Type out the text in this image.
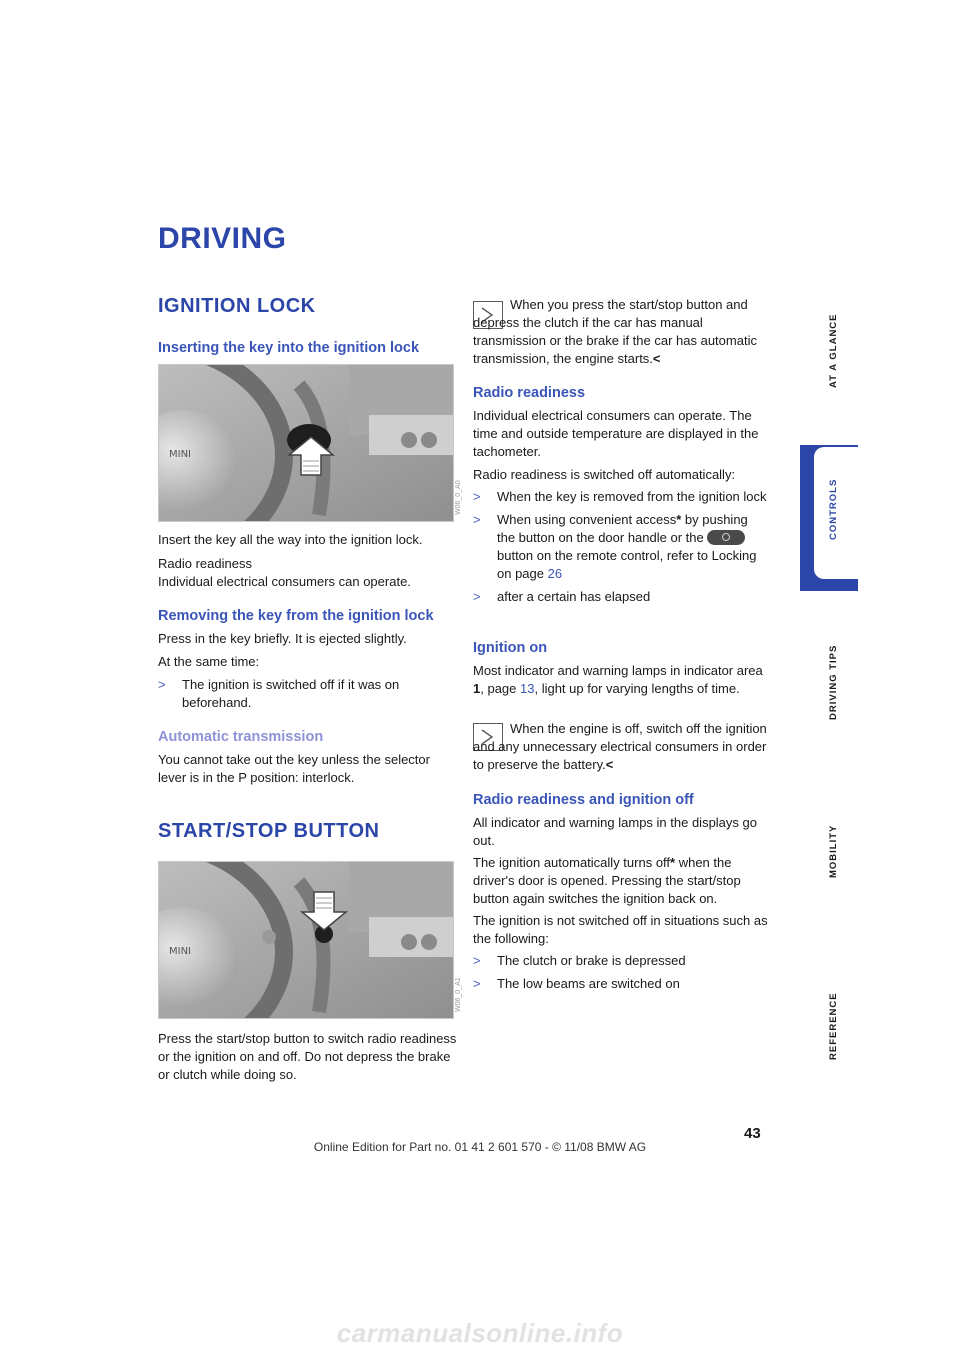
DRIVING
IGNITION LOCK
Inserting the key into the ignition lock
MINI
W06_0_A0
Insert the key all the way into the ignition lock.
Radio readiness
Individual electrical consumers can operate.
Removing the key from the ignition lock
Press in the key briefly. It is ejected slightly.
At the same time:
> The ignition is switched off if it was on beforehand.
Automatic transmission
You cannot take out the key unless the selector lever is in the P position: interlock.
START/STOP BUTTON
MINI
W06_0_A1
Press the start/stop button to switch radio readiness or the ignition on and off. Do not depress the brake or clutch while doing so.
When you press the start/stop button and depress the clutch if the car has manual transmission or the brake if the car has automatic transmission, the engine starts.<
Radio readiness
Individual electrical consumers can operate. The time and outside temperature are displayed in the tachometer.
Radio readiness is switched off automatically:
> When the key is removed from the ignition lock
> When using convenient access* by pushing the button on the door handle or the  button on the remote control, refer to Locking on page 26
> after a certain has elapsed
Ignition on
Most indicator and warning lamps in indicator area 1, page 13, light up for varying lengths of time.
When the engine is off, switch off the ignition and any unnecessary electrical consumers in order to preserve the battery.<
Radio readiness and ignition off
All indicator and warning lamps in the displays go out.
The ignition automatically turns off* when the driver's door is opened. Pressing the start/stop button again switches the ignition back on.
The ignition is not switched off in situations such as the following:
> The clutch or brake is depressed
> The low beams are switched on
AT A GLANCE
CONTROLS
DRIVING TIPS
MOBILITY
REFERENCE
43
Online Edition for Part no. 01 41 2 601 570 - © 11/08 BMW AG
carmanualsonline.info
